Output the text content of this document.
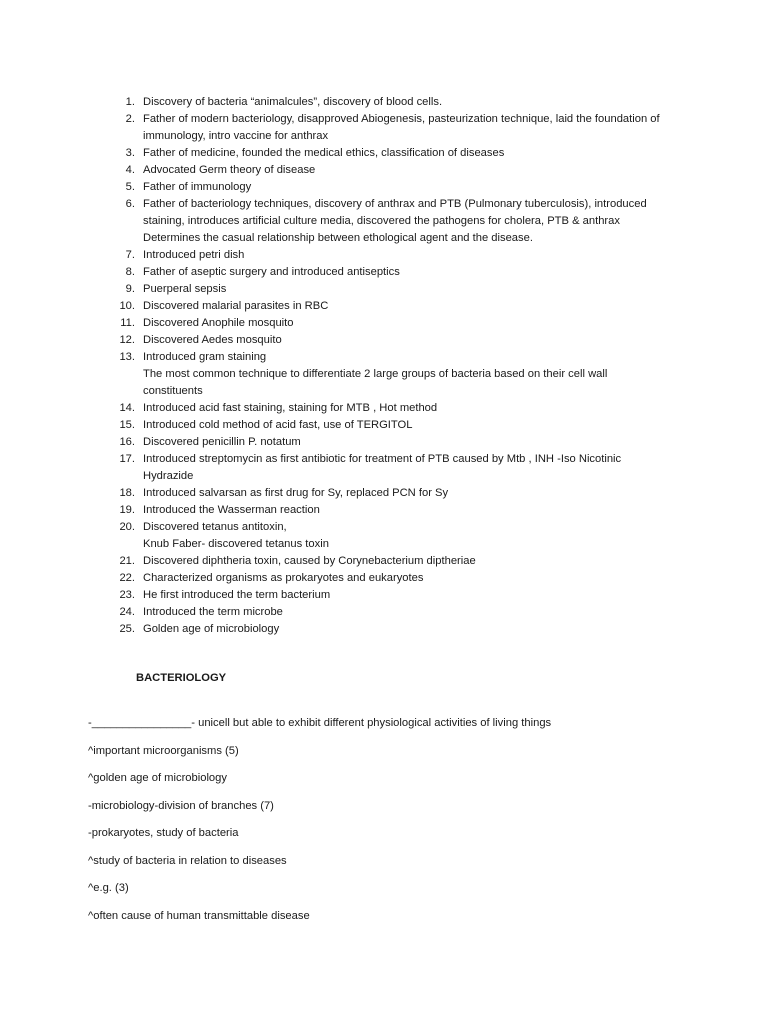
1. Discovery of bacteria “animalcules”, discovery of blood cells.
2. Father of modern bacteriology, disapproved Abiogenesis, pasteurization technique, laid the foundation of
immunology, intro vaccine for anthrax
3. Father of medicine, founded the medical ethics, classification of diseases
4. Advocated Germ theory of disease
5. Father of immunology
6. Father of bacteriology techniques, discovery of anthrax and PTB (Pulmonary tuberculosis), introduced
staining, introduces artificial culture media, discovered the pathogens for cholera, PTB & anthrax
Determines the casual relationship between ethological agent and the disease.
7. Introduced petri dish
8. Father of aseptic surgery and introduced antiseptics
9. Puerperal sepsis
10. Discovered malarial parasites in RBC
11. Discovered Anophile mosquito
12. Discovered Aedes mosquito
13. Introduced gram staining
The most common technique to differentiate 2 large groups of bacteria based on their cell wall
constituents
14. Introduced acid fast staining, staining for MTB , Hot method
15. Introduced cold method of acid fast, use of TERGITOL
16. Discovered penicillin P. notatum
17. Introduced streptomycin as first antibiotic for treatment of PTB caused by Mtb , INH -Iso Nicotinic
Hydrazide
18. Introduced salvarsan as first drug for Sy, replaced PCN for Sy
19. Introduced the Wasserman reaction
20. Discovered tetanus antitoxin,
Knub Faber- discovered tetanus toxin
21. Discovered diphtheria toxin, caused by Corynebacterium diptheriae
22. Characterized organisms as prokaryotes and eukaryotes
23. He first introduced the term bacterium
24. Introduced the term microbe
25. Golden age of microbiology
BACTERIOLOGY
-________________- unicell but able to exhibit different physiological activities of living things
^important microorganisms (5)
^golden age of microbiology
-microbiology-division of branches (7)
-prokaryotes, study of bacteria
^study of bacteria in relation to diseases
^e.g. (3)
^often cause of human transmittable disease
